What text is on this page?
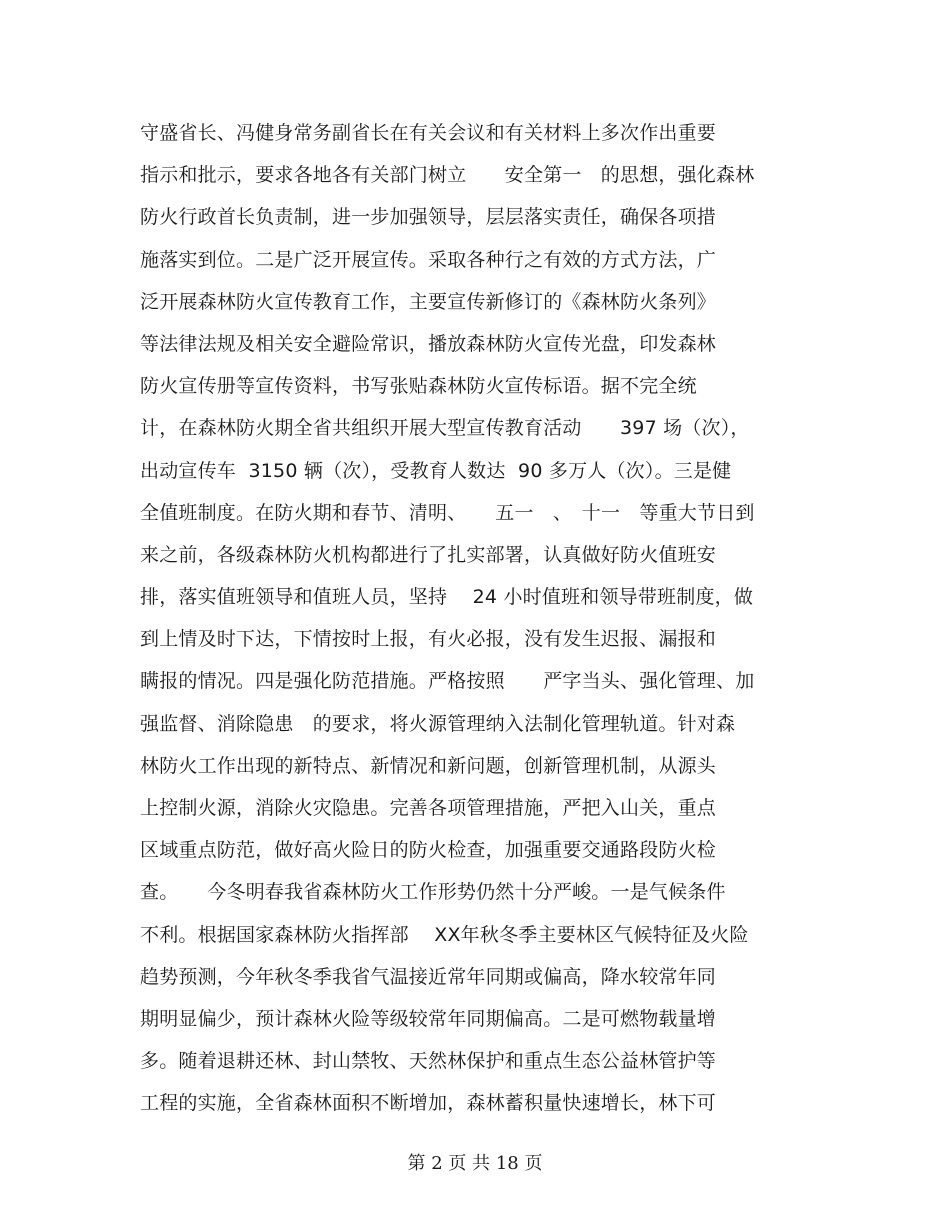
守盛省长、冯健身常务副省长在有关会议和有关材料上多次作出重要
指示和批示，要求各地各有关部门树立　　安全第一　的思想，强化森林
防火行政首长负责制，进一步加强领导，层层落实责任，确保各项措
施落实到位。二是广泛开展宣传。采取各种行之有效的方式方法，广
泛开展森林防火宣传教育工作，主要宣传新修订的《森林防火条列》
等法律法规及相关安全避险常识，播放森林防火宣传光盘，印发森林
防火宣传册等宣传资料，书写张贴森林防火宣传标语。据不完全统
计，在森林防火期全省共组织开展大型宣传教育活动　　397 场（次），
出动宣传车  3150 辆（次），受教育人数达  90 多万人（次）。三是健
全值班制度。在防火期和春节、清明、　　五一　、　十一　等重大节日到
来之前，各级森林防火机构都进行了扎实部署，认真做好防火值班安
排，落实值班领导和值班人员，坚持　 24 小时值班和领导带班制度，做
到上情及时下达，下情按时上报，有火必报，没有发生迟报、漏报和
瞒报的情况。四是强化防范措施。严格按照　　严字当头、强化管理、加
强监督、消除隐患　的要求，将火源管理纳入法制化管理轨道。针对森
林防火工作出现的新特点、新情况和新问题，创新管理机制，从源头
上控制火源，消除火灾隐患。完善各项管理措施，严把入山关，重点
区域重点防范，做好高火险日的防火检查，加强重要交通路段防火检
查。　　今冬明春我省森林防火工作形势仍然十分严峻。一是气候条件
不利。根据国家森林防火指挥部　 XX年秋冬季主要林区气候特征及火险
趋势预测，今年秋冬季我省气温接近常年同期或偏高，降水较常年同
期明显偏少，预计森林火险等级较常年同期偏高。二是可燃物载量增
多。随着退耕还林、封山禁牧、天然林保护和重点生态公益林管护等
工程的实施，全省森林面积不断增加，森林蓄积量快速增长，林下可
第 2 页 共 18 页
